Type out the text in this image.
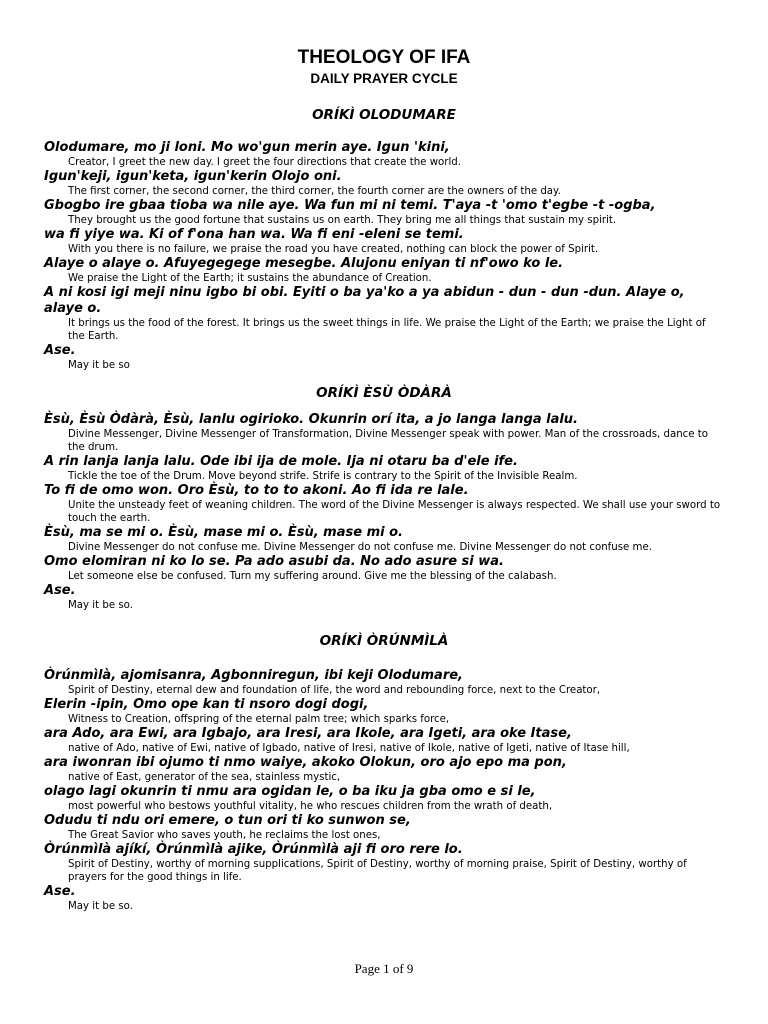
THEOLOGY OF IFA
DAILY PRAYER CYCLE
ORÍKÌ OLODUMARE

Olodumare, mo ji loni. Mo wo'gun merin aye. Igun 'kini,

Creator, I greet the new day. I greet the four directions that create the world.

Igun'keji, igun'keta, igun'kerin Olojo oni.

The first corner, the second corner, the third corner, the fourth corner are the owners of the day.

Gbogbo ire gbaa tioba wa nile aye. Wa fun mi ni temi. T'aya -t 'omo t'egbe -t -ogba,

They brought us the good fortune that sustains us on earth. They bring me all things that sustain my spirit.

wa fi yiye wa. Ki of f'ona han wa. Wa fi eni -eleni se temi.

With you there is no failure, we praise the road you have created, nothing can block the power of Spirit.

Alaye o alaye o. Afuyegegege mesegbe. Alujonu eniyan ti nf'owo ko le.

We praise the Light of the Earth; it sustains the abundance of Creation.

A ni kosi igi meji ninu igbo bi obi. Eyiti o ba ya'ko a ya abidun - dun - dun -dun. Alaye o, alaye o.

It brings us the food of the forest. It brings us the sweet things in life. We praise the Light of the Earth; we praise the Light of the Earth.

Ase.

May it be so

ORÍKÌ ÈSÙ ÒDÀRÀ

Èsù, Èsù Òdàrà, Èsù, lanlu ogirioko. Okunrin orí ita, a jo langa langa lalu.

Divine Messenger, Divine Messenger of Transformation, Divine Messenger speak with power. Man of the crossroads, dance to the drum.

A rin lanja lanja lalu. Ode ibi ija de mole. Ija ni otaru ba d'ele ife.

Tickle the toe of the Drum. Move beyond strife. Strife is contrary to the Spirit of the Invisible Realm.

To fi de omo won. Oro Èsù, to to to akoni. Ao fi ida re lale.

Unite the unsteady feet of weaning children. The word of the Divine Messenger is always respected. We shall use your sword to touch the earth.

Èsù, ma se mi o. Èsù, mase mi o. Èsù, mase mi o.

Divine Messenger do not confuse me. Divine Messenger do not confuse me. Divine Messenger do not confuse me.

Omo elomiran ni ko lo se. Pa ado asubi da. No ado asure si wa.

Let someone else be confused. Turn my suffering around. Give me the blessing of the calabash.

Ase.

May it be so.

ORÍKÌ ÒRÚNMÌLÀ

Òrúnmìlà, ajomisanra, Agbonniregun, ibi keji Olodumare,

Spirit of Destiny, eternal dew and foundation of life, the word and rebounding force, next to the Creator,

Elerin -ipin, Omo ope kan ti nsoro dogi dogi,

Witness to Creation, offspring of the eternal palm tree; which sparks force,

ara Ado, ara Ewi, ara Igbajo, ara Iresi, ara Ikole, ara Igeti, ara oke Itase,

native of Ado, native of Ewi, native of Igbado, native of Iresi, native of Ikole, native of Igeti, native of Itase hill,

ara iwonran ibi ojumo ti nmo waiye, akoko Olokun, oro ajo epo ma pon,

native of East, generator of the sea, stainless mystic,

olago lagi okunrin ti nmu ara ogidan le, o ba iku ja gba omo e si le,

most powerful who bestows youthful vitality, he who rescues children from the wrath of death,

Odudu ti ndu ori emere, o tun ori ti ko sunwon se,

The Great Savior who saves youth, he reclaims the lost ones,

Òrúnmìlà ajíkí, Òrúnmìlà ajike, Òrúnmìlà aji fi oro rere lo.

Spirit of Destiny, worthy of morning supplications, Spirit of Destiny, worthy of morning praise, Spirit of Destiny, worthy of prayers for the good things in life.

Ase.

May it be so.

Page 1 of 9
